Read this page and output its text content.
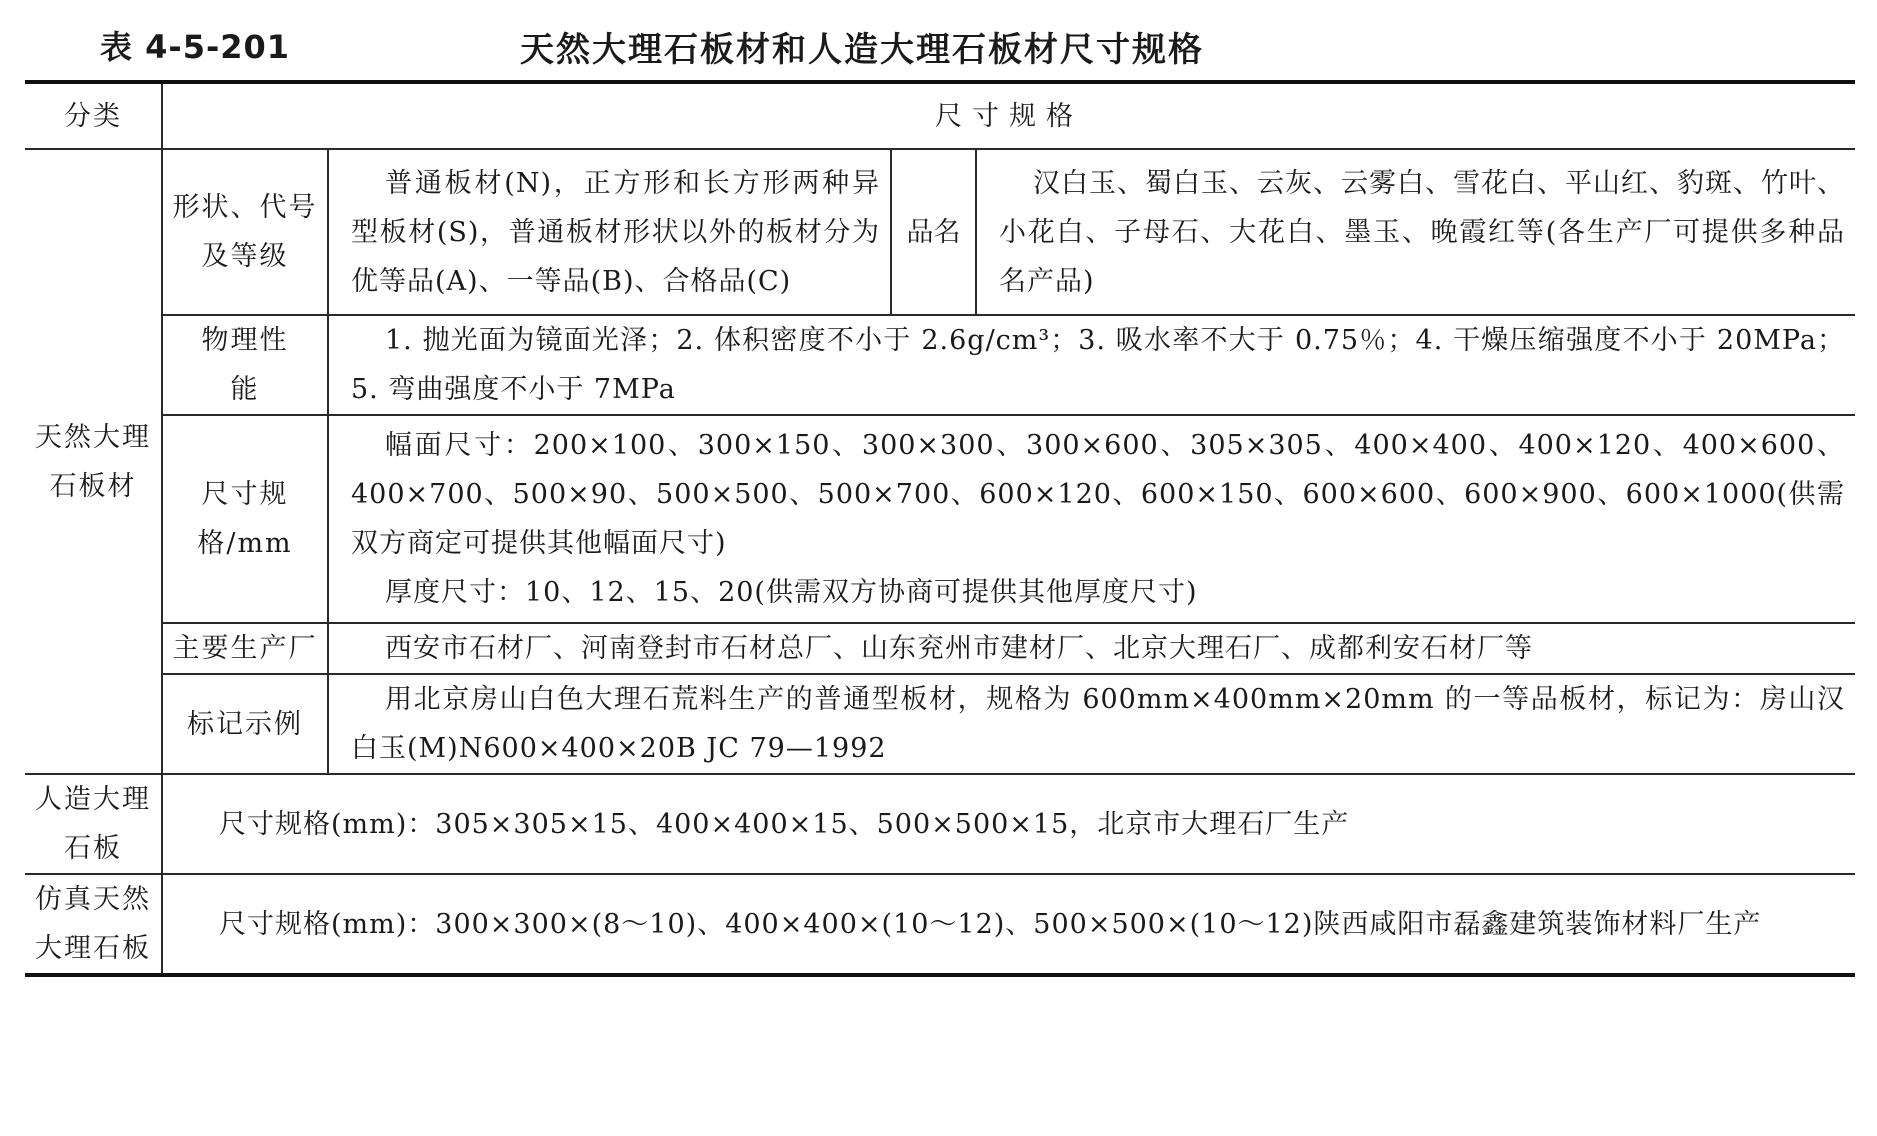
表 4-5-201	天然大理石板材和人造大理石板材尺寸规格
分类	尺寸规格			
天然大理石板材	形状、代号及等级	普通板材(N)，正方形和长方形两种异型板材(S)，普通板材形状以外的板材分为优等品(A)、一等品(B)、合格品(C)	品名	汉白玉、蜀白玉、云灰、云雾白、雪花白、平山红、豹斑、竹叶、小花白、子母石、大花白、墨玉、晚霞红等(各生产厂可提供多种品名产品)

	物理性能	1. 抛光面为镜面光泽；2. 体积密度不小于 2.6g/cm³；3. 吸水率不大于 0.75％；4. 干燥压缩强度不小于 20MPa；5. 弯曲强度不小于 7MPa		

	尺寸规格/mm	幅面尺寸：200×100、300×150、300×300、300×600、305×305、400×400、400×120、400×600、400×700、500×90、500×500、500×700、600×120、600×150、600×600、600×900、600×1000(供需双方商定可提供其他幅面尺寸)

厚度尺寸：10、12、15、20(供需双方协商可提供其他厚度尺寸)		

	主要生产厂	西安市石材厂、河南登封市石材总厂、山东兖州市建材厂、北京大理石厂、成都利安石材厂等		

	标记示例	用北京房山白色大理石荒料生产的普通型板材，规格为 600mm×400mm×20mm 的一等品板材，标记为：房山汉白玉(M)N600×400×20B JC 79—1992		

人造大理石板	尺寸规格(mm)：305×305×15、400×400×15、500×500×15，北京市大理石厂生产			

仿真天然大理石板	尺寸规格(mm)：300×300×(8～10)、400×400×(10～12)、500×500×(10～12)陕西咸阳市磊鑫建筑装饰材料厂生产			
